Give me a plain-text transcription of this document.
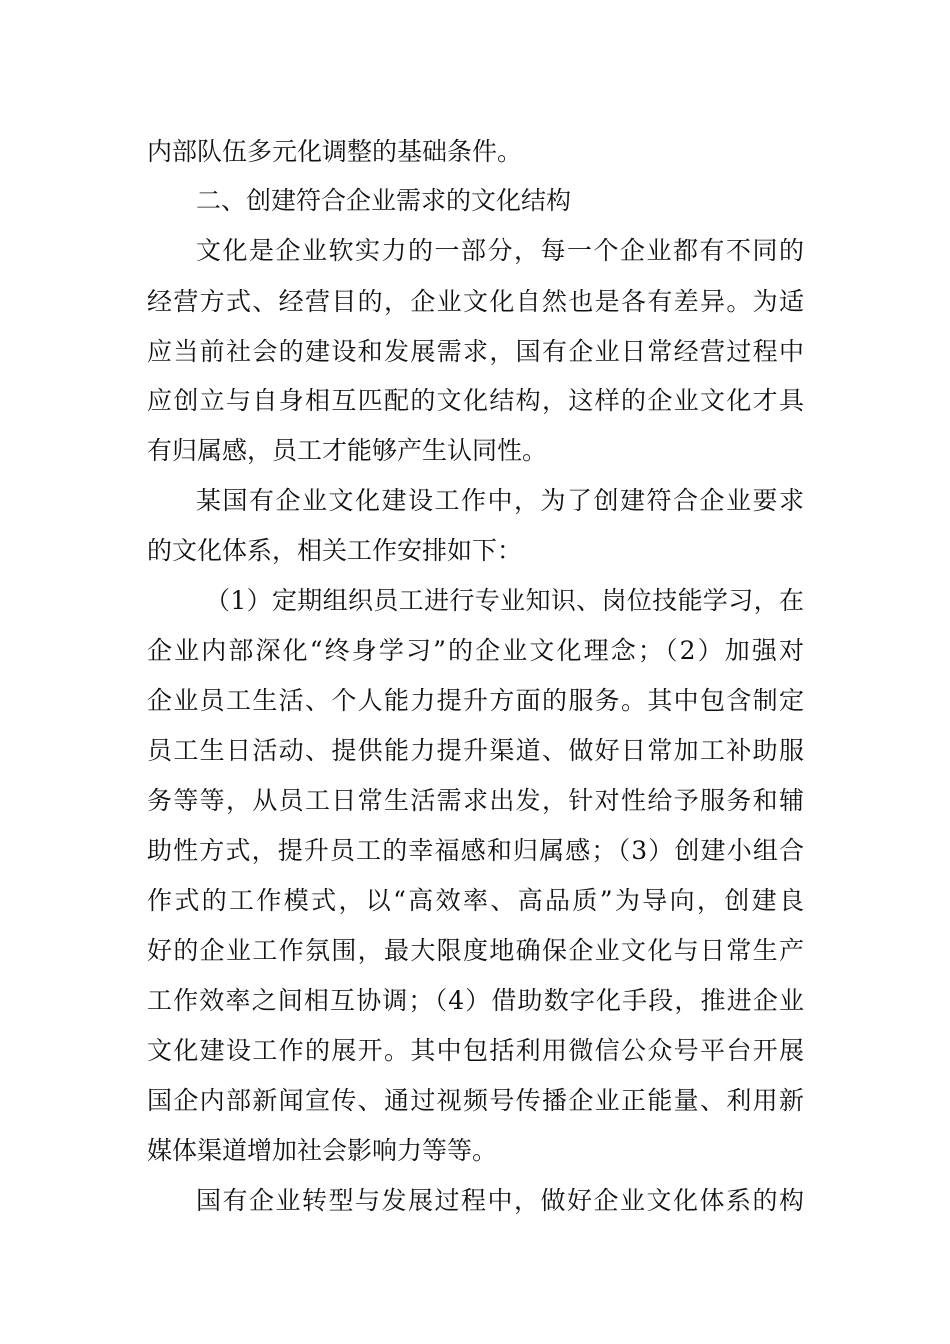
内部队伍多元化调整的基础条件。
二、创建符合企业需求的文化结构
文化是企业软实力的一部分，每一个企业都有不同的
经营方式、经营目的，企业文化自然也是各有差异。为适
应当前社会的建设和发展需求，国有企业日常经营过程中
应创立与自身相互匹配的文化结构，这样的企业文化才具
有归属感，员工才能够产生认同性。
某国有企业文化建设工作中，为了创建符合企业要求
的文化体系，相关工作安排如下：
（1）定期组织员工进行专业知识、岗位技能学习，在
企业内部深化“终身学习”的企业文化理念；（2）加强对
企业员工生活、个人能力提升方面的服务。其中包含制定
员工生日活动、提供能力提升渠道、做好日常加工补助服
务等等，从员工日常生活需求出发，针对性给予服务和辅
助性方式，提升员工的幸福感和归属感；（3）创建小组合
作式的工作模式，以“高效率、高品质”为导向，创建良
好的企业工作氛围，最大限度地确保企业文化与日常生产
工作效率之间相互协调；（4）借助数字化手段，推进企业
文化建设工作的展开。其中包括利用微信公众号平台开展
国企内部新闻宣传、通过视频号传播企业正能量、利用新
媒体渠道增加社会影响力等等。
国有企业转型与发展过程中，做好企业文化体系的构
